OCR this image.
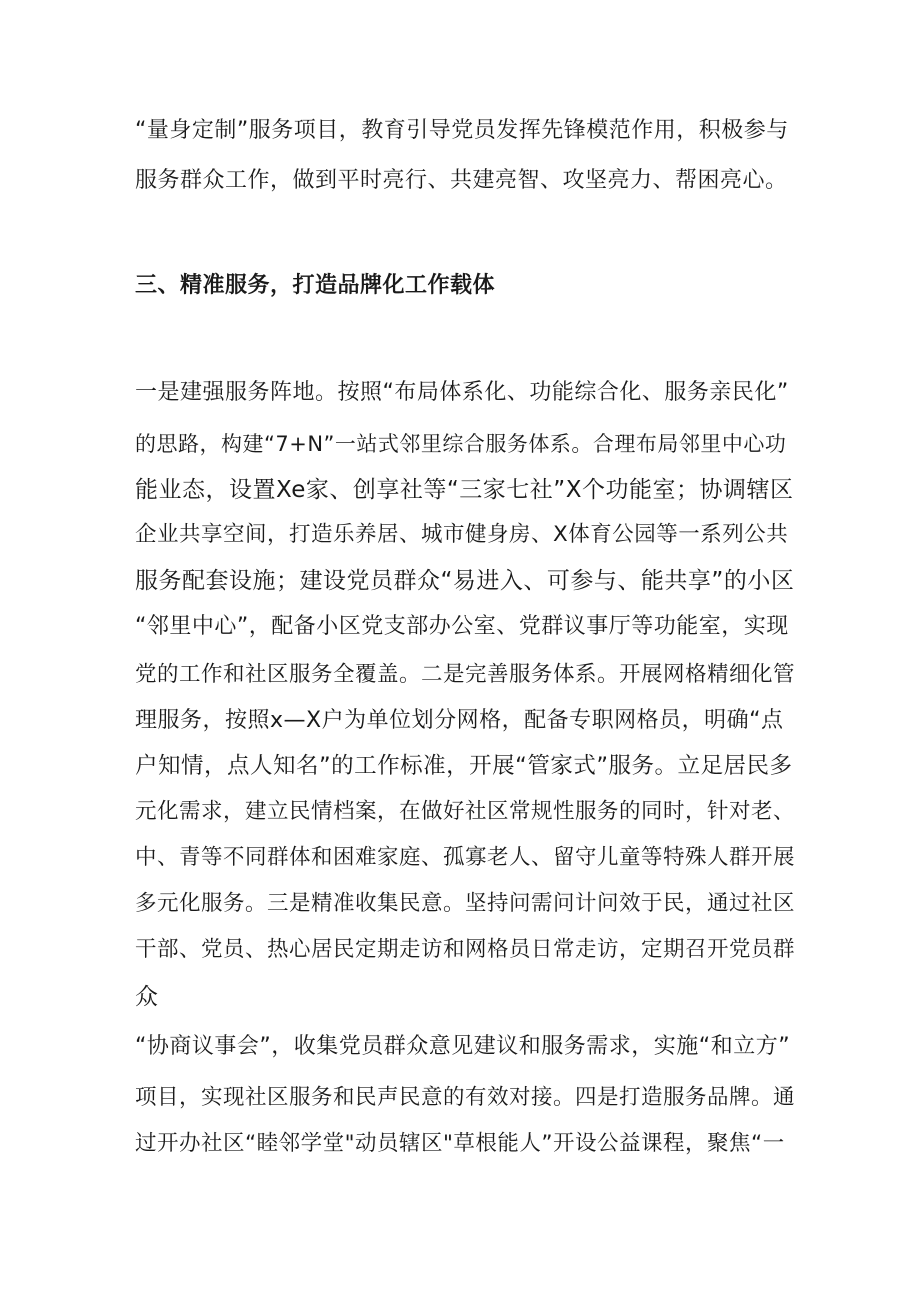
“量身定制”服务项目，教育引导党员发挥先锋模范作用，积极参与
服务群众工作，做到平时亮行、共建亮智、攻坚亮力、帮困亮心。
三、精准服务，打造品牌化工作载体
一是建强服务阵地。按照“布局体系化、功能综合化、服务亲民化”
的思路，构建“7+N”一站式邻里综合服务体系。合理布局邻里中心功
能业态，设置Xe家、创享社等“三家七社”X个功能室；协调辖区
企业共享空间，打造乐养居、城市健身房、X体育公园等一系列公共
服务配套设施；建设党员群众“易进入、可参与、能共享”的小区
“邻里中心”，配备小区党支部办公室、党群议事厅等功能室，实现
党的工作和社区服务全覆盖。二是完善服务体系。开展网格精细化管
理服务，按照x—X户为单位划分网格，配备专职网格员，明确“点
户知情，点人知名”的工作标准，开展“管家式”服务。立足居民多
元化需求，建立民情档案，在做好社区常规性服务的同时，针对老、
中、青等不同群体和困难家庭、孤寡老人、留守儿童等特殊人群开展
多元化服务。三是精准收集民意。坚持问需问计问效于民，通过社区
干部、党员、热心居民定期走访和网格员日常走访，定期召开党员群
众
“协商议事会”，收集党员群众意见建议和服务需求，实施“和立方”
项目，实现社区服务和民声民意的有效对接。四是打造服务品牌。通
过开办社区“睦邻学堂"动员辖区"草根能人”开设公益课程，聚焦“一
